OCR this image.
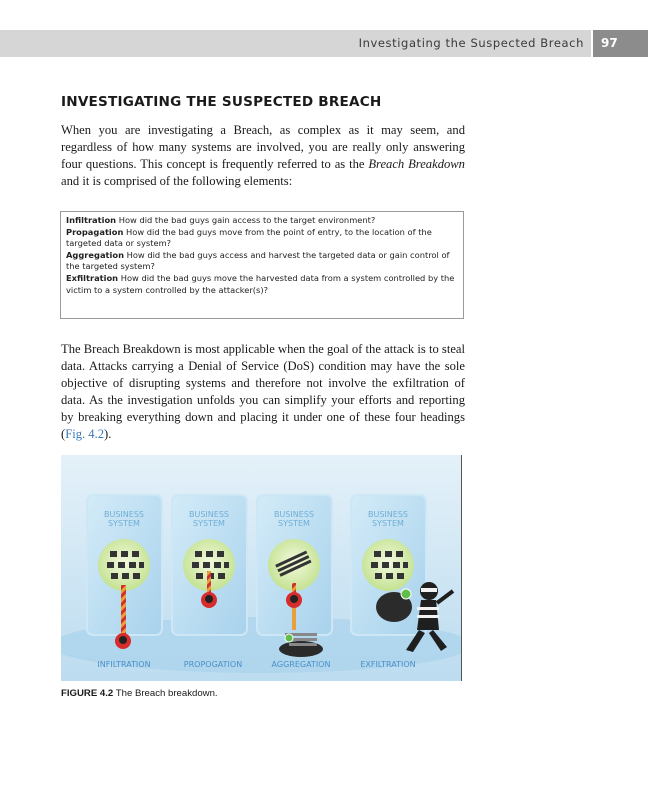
Investigating the Suspected Breach	97
INVESTIGATING THE SUSPECTED BREACH

When you are investigating a Breach, as complex as it may seem, and regardless of how many systems are involved, you are really only answering four questions. This concept is frequently referred to as the Breach Breakdown and it is comprised of the following elements:

Infiltration How did the bad guys gain access to the target environment?

Propagation How did the bad guys move from the point of entry, to the location of the targeted data or system?

Aggregation How did the bad guys access and harvest the targeted data or gain control of the targeted system?

Exfiltration How did the bad guys move the harvested data from a system controlled by the victim to a system controlled by the attacker(s)?

The Breach Breakdown is most applicable when the goal of the attack is to steal data. Attacks carrying a Denial of Service (DoS) condition may have the sole objective of disrupting systems and therefore not involve the exfiltration of data. As the investigation unfolds you can simplify your efforts and reporting by breaking everything down and placing it under one of these four headings (Fig. 4.2).

BUSINESS
SYSTEM
BUSINESS
SYSTEM
BUSINESS
SYSTEM
BUSINESS
SYSTEM
INFILTRATION	PROPOGATION	AGGREGATION	EXFILTRATION
FIGURE 4.2 The Breach breakdown.
